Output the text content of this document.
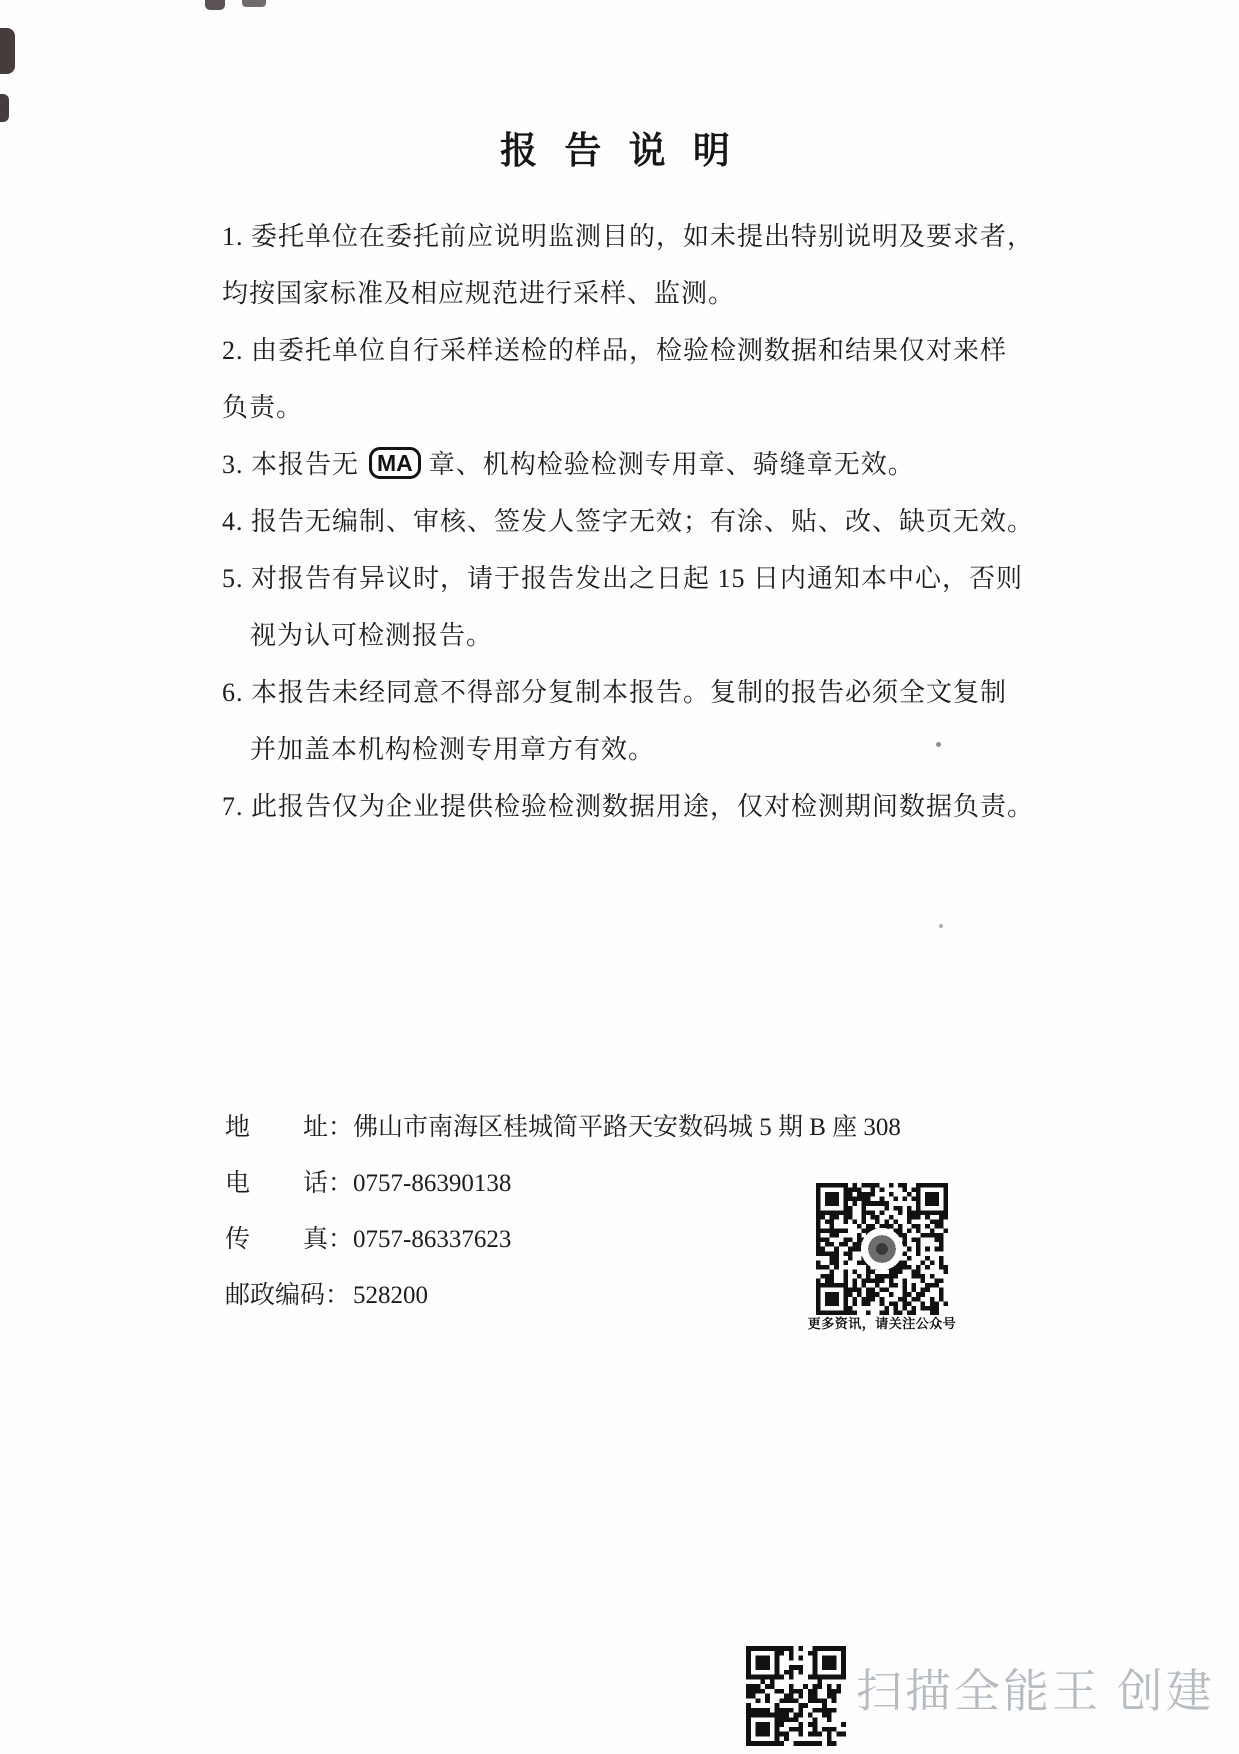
报 告 说 明

1. 委托单位在委托前应说明监测目的，如未提出特别说明及要求者，

均按国家标准及相应规范进行采样、监测。

2. 由委托单位自行采样送检的样品，检验检测数据和结果仅对来样

负责。

3. 本报告无 MA 章、机构检验检测专用章、骑缝章无效。

4. 报告无编制、审核、签发人签字无效；有涂、贴、改、缺页无效。

5. 对报告有异议时，请于报告发出之日起 15 日内通知本中心，否则

视为认可检测报告。

6. 本报告未经同意不得部分复制本报告。复制的报告必须全文复制

并加盖本机构检测专用章方有效。

7. 此报告仅为企业提供检验检测数据用途，仅对检测期间数据负责。

地 址： 佛山市南海区桂城简平路天安数码城 5 期 B 座 308
电 话： 0757-86390138
传 真： 0757-86337623
邮政编码： 528200
更多资讯，请关注公众号
扫描全能王 创建
